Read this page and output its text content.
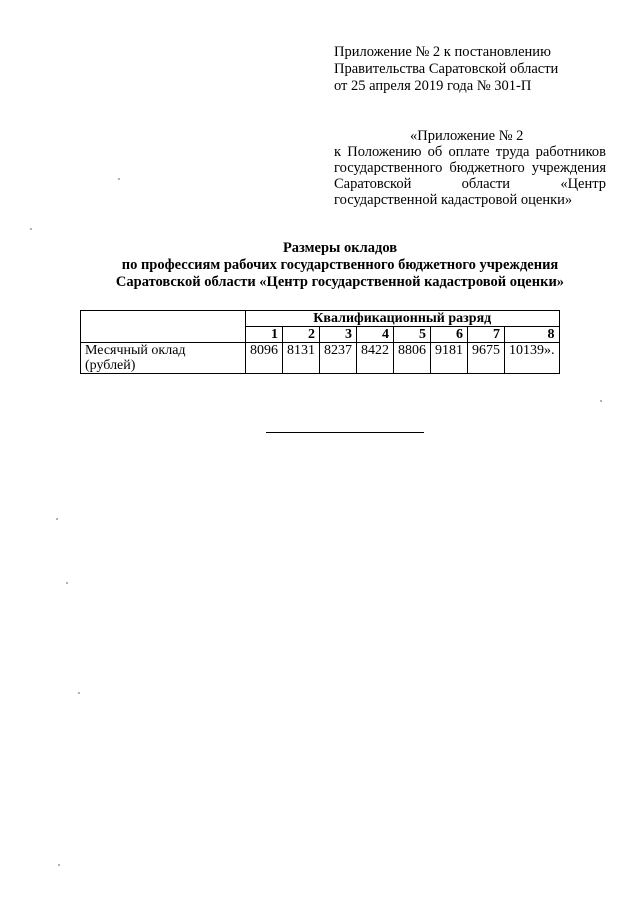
Приложение № 2 к постановлению
Правительства Саратовской области
от 25 апреля 2019 года № 301-П
«Приложение № 2
к Положению об оплате труда работников государственного бюджетного учреждения Саратовской области «Центр государственной кадастровой оценки»
Размеры окладов
по профессиям рабочих государственного бюджетного учреждения
Саратовской области «Центр государственной кадастровой оценки»
	Квалификационный разряд							
	1	2	3	4	5	6	7	8

Месячный оклад
(рублей)	8096	8131	8237	8422	8806	9181	9675	10139».
